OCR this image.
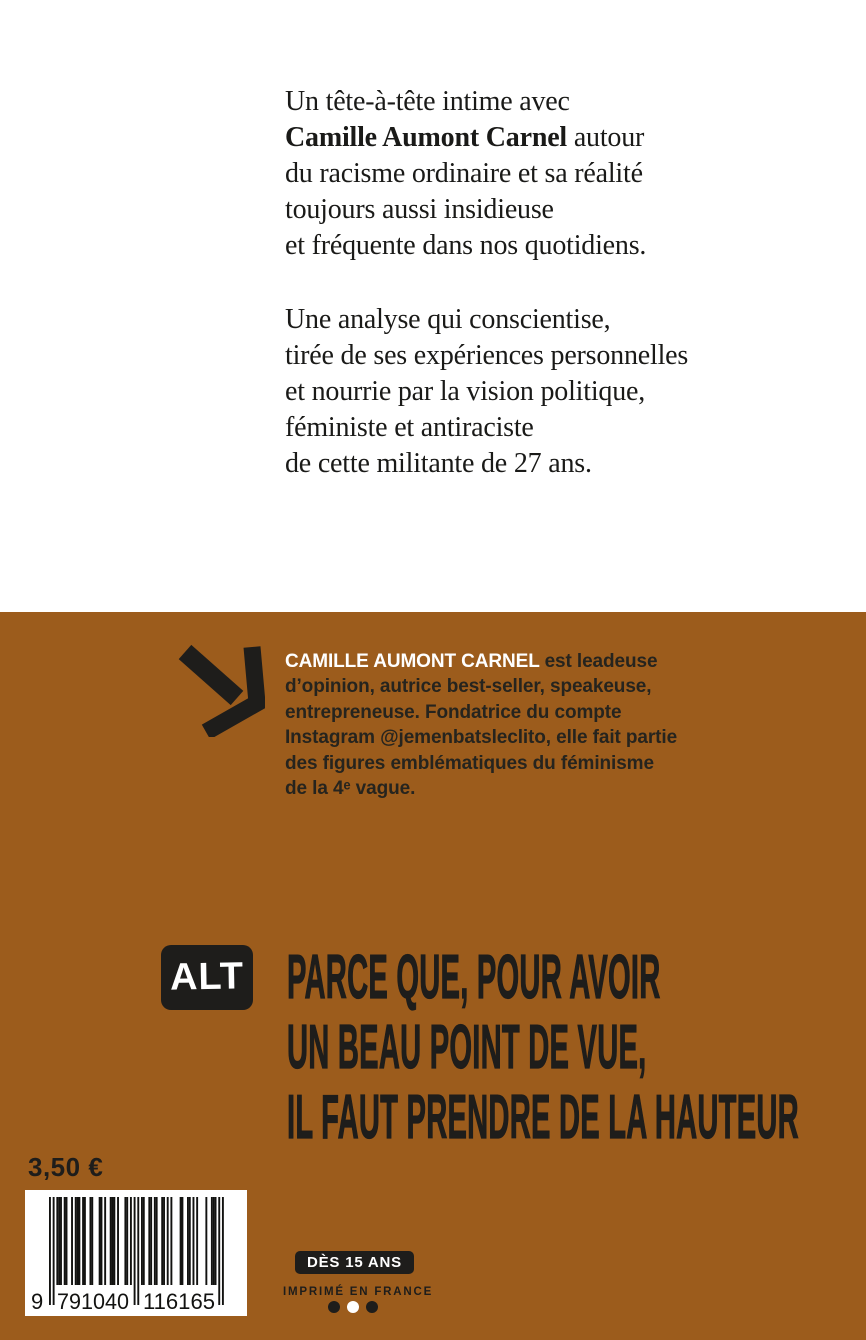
Un tête-à-tête intime avec
Camille Aumont Carnel autour
du racisme ordinaire et sa réalité
toujours aussi insidieuse
et fréquente dans nos quotidiens.
Une analyse qui conscientise,
tirée de ses expériences personnelles
et nourrie par la vision politique,
féministe et antiraciste
de cette militante de 27 ans.
CAMILLE AUMONT CARNEL est leadeuse
d’opinion, autrice best-seller, speakeuse,
entrepreneuse. Fondatrice du compte
Instagram @jemenbatsleclito, elle fait partie
des figures emblématiques du féminisme
de la 4ᵉ vague.
ALT PARCE QUE, POUR AVOIR
UN BEAU POINT DE VUE,
IL FAUT PRENDRE DE LA HAUTEUR
3,50 €
9 791040 116165
DÈS 15 ANS
IMPRIMÉ EN FRANCE
